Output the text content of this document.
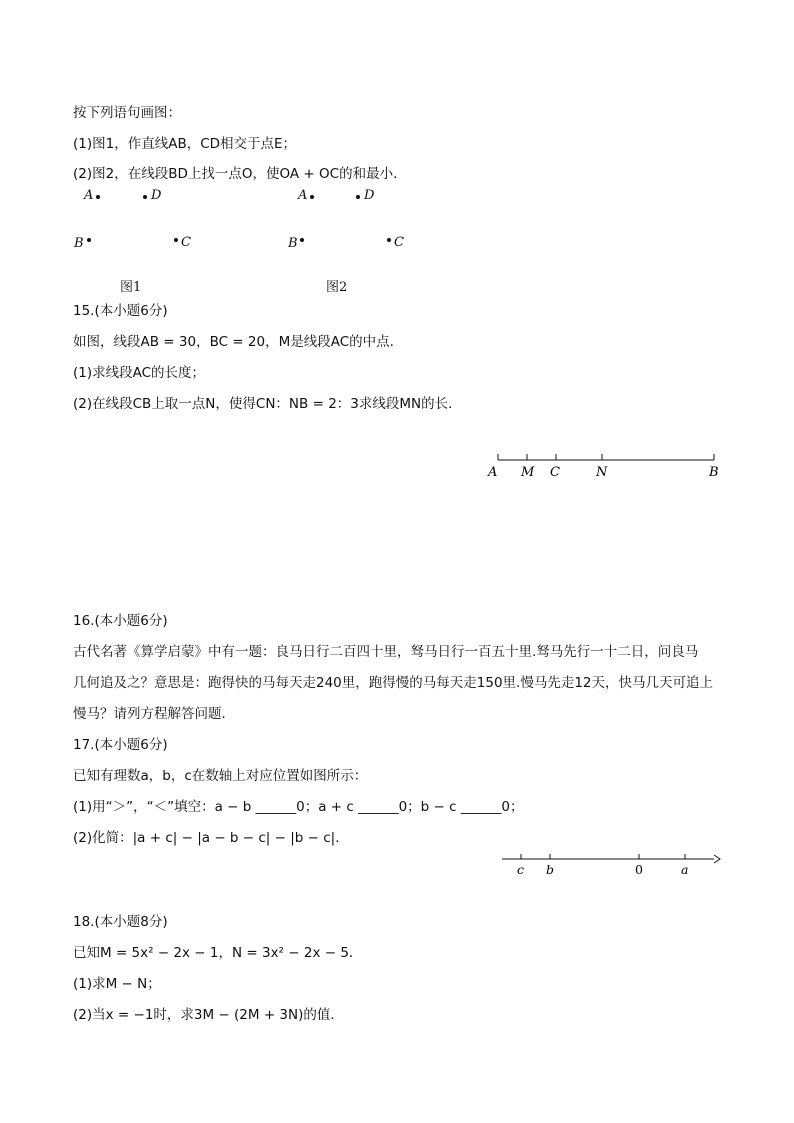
按下列语句画图：
(1)图1，作直线AB，CD相交于点E；
(2)图2，在线段BD上找一点O，使OA + OC的和最小．
A	D
B	C
图1
A	D
B	C
图2
15.(本小题6分)
如图，线段AB = 30，BC = 20，M是线段AC的中点．
(1)求线段AC的长度；
(2)在线段CB上取一点N，使得CN：NB = 2：3求线段MN的长．
A M C	N	B
16.(本小题6分)
古代名著《算学启蒙》中有一题：良马日行二百四十里，驽马日行一百五十里.驽马先行一十二日，问良马
几何追及之？意思是：跑得快的马每天走240里，跑得慢的马每天走150里.慢马先走12天，快马几天可追上
慢马？请列方程解答问题．
17.(本小题6分)
已知有理数a，b，c在数轴上对应位置如图所示：
(1)用“＞”，“＜”填空：a − b ______0；a + c ______0；b − c ______0；
(2)化简：|a + c| − |a − b − c| − |b − c|．
c b	0	a
18.(本小题8分)
已知M = 5x² − 2x − 1，N = 3x² − 2x − 5．
(1)求M − N；
(2)当x = −1时，求3M − (2M + 3N)的值．
